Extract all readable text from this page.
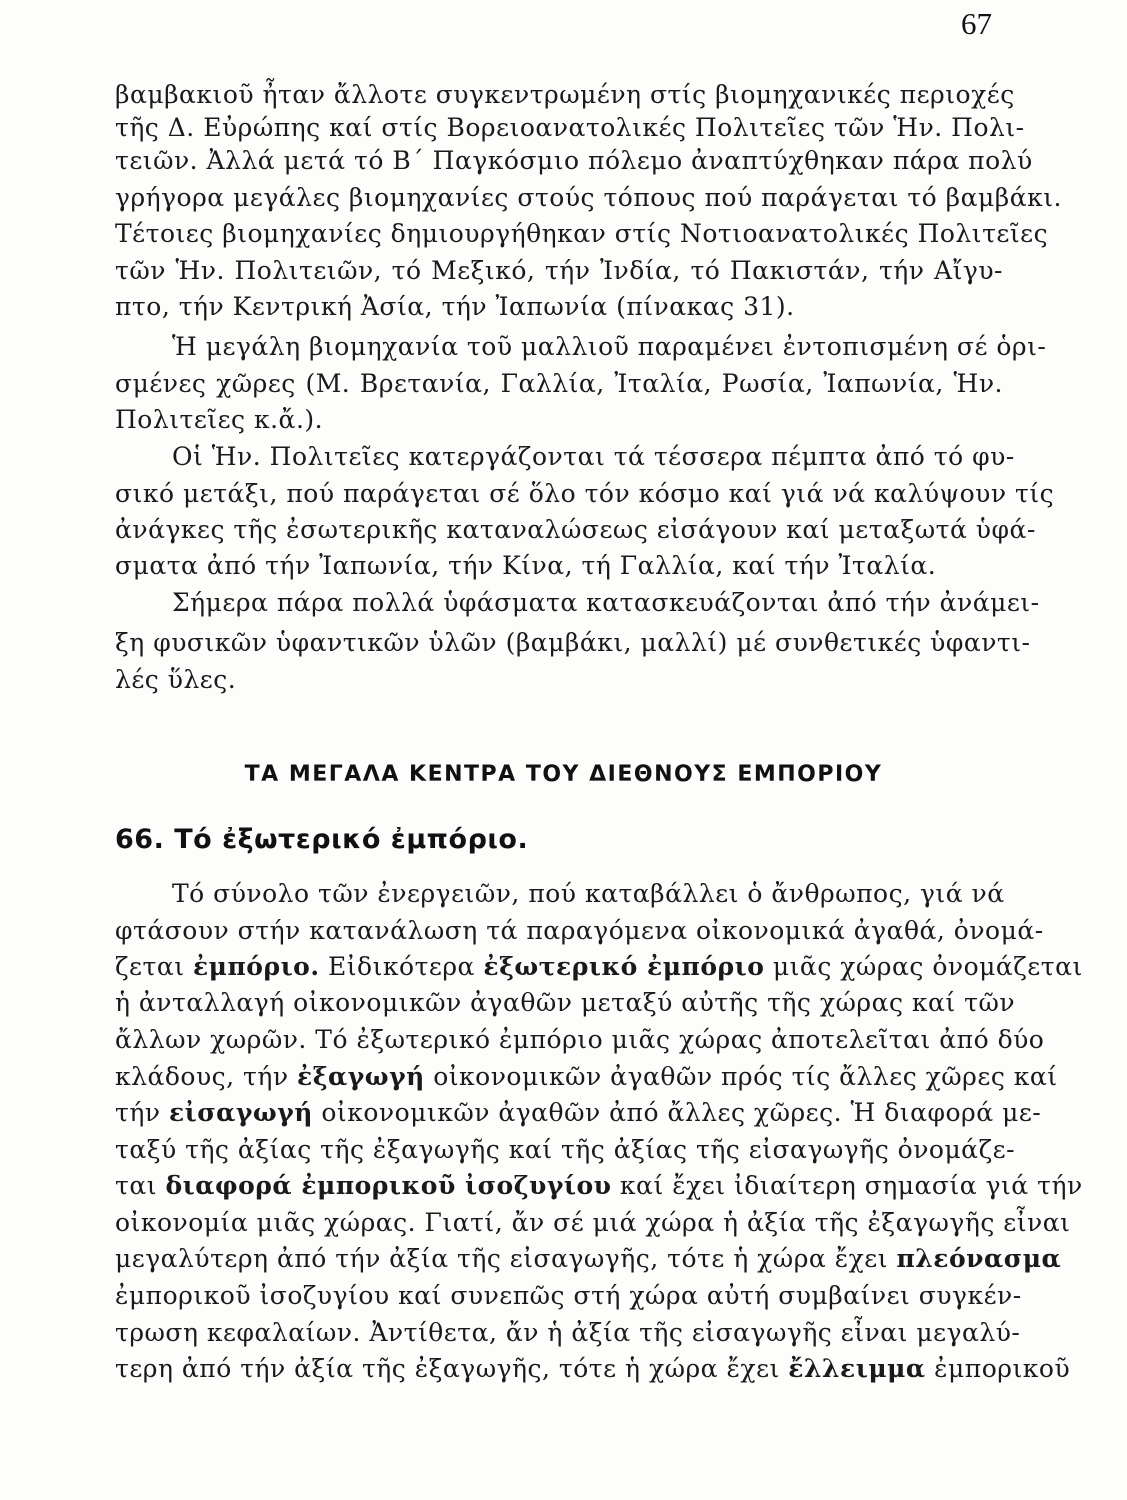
67
βαμβακιοῦ ἦταν ἄλλοτε συγκεντρωμένη στίς βιομηχανικές περιοχές
τῆς Δ. Εὐρώπης καί στίς Βορειοανατολικές Πολιτεῖες τῶν Ἡν. Πολι-
τειῶν. Ἀλλά μετά τό Β΄ Παγκόσμιο πόλεμο ἀναπτύχθηκαν πάρα πολύ
γρήγορα μεγάλες βιομηχανίες στούς τόπους πού παράγεται τό βαμβάκι.
Τέτοιες βιομηχανίες δημιουργήθηκαν στίς Νοτιοανατολικές Πολιτεῖες
τῶν Ἡν. Πολιτειῶν, τό Μεξικό, τήν Ἰνδία, τό Πακιστάν, τήν Αἴγυ-
πτο, τήν Κεντρική Ἀσία, τήν Ἰαπωνία (πίνακας 31).
Ἡ μεγάλη βιομηχανία τοῦ μαλλιοῦ παραμένει ἐντοπισμένη σέ ὁρι-
σμένες χῶρες (Μ. Βρετανία, Γαλλία, Ἰταλία, Ρωσία, Ἰαπωνία, Ἡν.
Πολιτεῖες κ.ἄ.).
Οἱ Ἡν. Πολιτεῖες κατεργάζονται τά τέσσερα πέμπτα ἀπό τό φυ-
σικό μετάξι, πού παράγεται σέ ὅλο τόν κόσμο καί γιά νά καλύψουν τίς
ἀνάγκες τῆς ἐσωτερικῆς καταναλώσεως εἰσάγουν καί μεταξωτά ὑφά-
σματα ἀπό τήν Ἰαπωνία, τήν Κίνα, τή Γαλλία, καί τήν Ἰταλία.
Σήμερα πάρα πολλά ὑφάσματα κατασκευάζονται ἀπό τήν ἀνάμει-
ξη φυσικῶν ὑφαντικῶν ὑλῶν (βαμβάκι, μαλλί) μέ συνθετικές ὑφαντι-
λές ὕλες.
ΤΑ ΜΕΓΑΛΑ ΚΕΝΤΡΑ ΤΟΥ ΔΙΕΘΝΟΥΣ ΕΜΠΟΡΙΟΥ
66. Τό ἐξωτερικό ἐμπόριο.
Τό σύνολο τῶν ἐνεργειῶν, πού καταβάλλει ὁ ἄνθρωπος, γιά νά
φτάσουν στήν κατανάλωση τά παραγόμενα οἰκονομικά ἀγαθά, ὀνομά-
ζεται ἐμπόριο. Εἰδικότερα ἐξωτερικό ἐμπόριο μιᾶς χώρας ὀνομάζεται
ἡ ἀνταλλαγή οἰκονομικῶν ἀγαθῶν μεταξύ αὐτῆς τῆς χώρας καί τῶν
ἄλλων χωρῶν. Τό ἐξωτερικό ἐμπόριο μιᾶς χώρας ἀποτελεῖται ἀπό δύο
κλάδους, τήν ἐξαγωγή οἰκονομικῶν ἀγαθῶν πρός τίς ἄλλες χῶρες καί
τήν εἰσαγωγή οἰκονομικῶν ἀγαθῶν ἀπό ἄλλες χῶρες. Ἡ διαφορά με-
ταξύ τῆς ἀξίας τῆς ἐξαγωγῆς καί τῆς ἀξίας τῆς εἰσαγωγῆς ὀνομάζε-
ται διαφορά ἐμπορικοῦ ἰσοζυγίου καί ἔχει ἰδιαίτερη σημασία γιά τήν
οἰκονομία μιᾶς χώρας. Γιατί, ἄν σέ μιά χώρα ἡ ἀξία τῆς ἐξαγωγῆς εἶναι
μεγαλύτερη ἀπό τήν ἀξία τῆς εἰσαγωγῆς, τότε ἡ χώρα ἔχει πλεόνασμα
ἐμπορικοῦ ἰσοζυγίου καί συνεπῶς στή χώρα αὐτή συμβαίνει συγκέν-
τρωση κεφαλαίων. Ἀντίθετα, ἄν ἡ ἀξία τῆς εἰσαγωγῆς εἶναι μεγαλύ-
τερη ἀπό τήν ἀξία τῆς ἐξαγωγῆς, τότε ἡ χώρα ἔχει ἔλλειμμα ἐμπορικοῦ
